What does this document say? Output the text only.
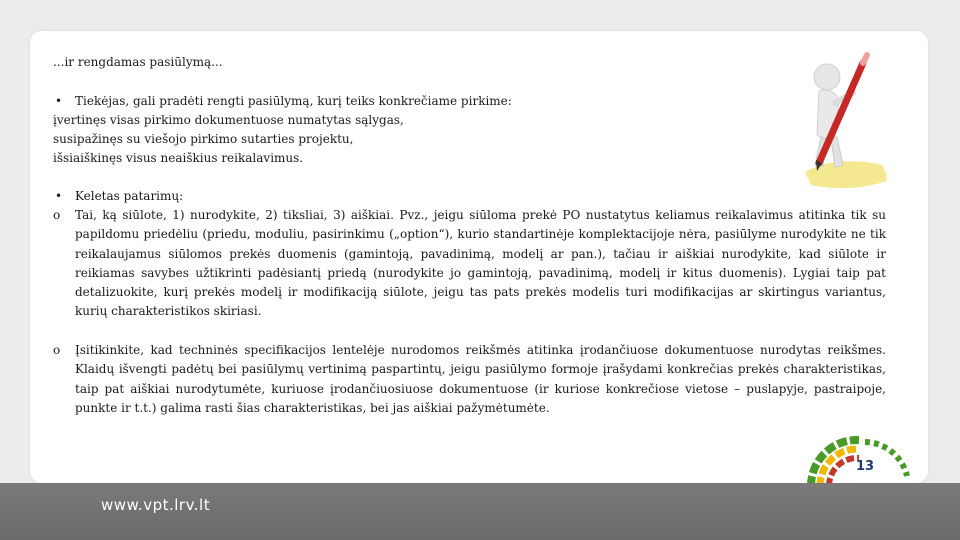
...ir rengdamas pasiūlymą...
• Tiekėjas, gali pradėti rengti pasiūlymą, kurį teiks konkrečiame pirkime:
įvertinęs visas pirkimo dokumentuose numatytas sąlygas,
susipažinęs su viešojo pirkimo sutarties projektu,
išsiaiškinęs visus neaiškius reikalavimus.
• Keletas patarimų:
o Tai, ką siūlote, 1) nurodykite, 2) tiksliai, 3) aiškiai. Pvz., jeigu siūloma prekė PO nustatytus keliamus reikalavimus atitinka tik su papildomu priedėliu (priedu, moduliu, pasirinkimu („option“), kurio standartinėje komplektacijoje nėra, pasiūlyme nurodykite ne tik reikalaujamus siūlomos prekės duomenis (gamintoją, pavadinimą, modelį ar pan.), tačiau ir aiškiai nurodykite, kad siūlote ir reikiamas savybes užtikrinti padėsiantį priedą (nurodykite jo gamintoją, pavadinimą, modelį ir kitus duomenis). Lygiai taip pat detalizuokite, kurį prekės modelį ir modifikaciją siūlote, jeigu tas pats prekės modelis turi modifikacijas ar skirtingus variantus, kurių charakteristikos skiriasi.
o Įsitikinkite, kad techninės specifikacijos lentelėje nurodomos reikšmės atitinka įrodančiuose dokumentuose nurodytas reikšmes. Klaidų išvengti padėtų bei pasiūlymų vertinimą paspartintų, jeigu pasiūlymo formoje įrašydami konkrečias prekės charakteristikas, taip pat aiškiai nurodytumėte, kuriuose įrodančiuosiuose dokumentuose (ir kuriose konkrečiose vietose – puslapyje, pastraipoje, punkte ir t.t.) galima rasti šias charakteristikas, bei jas aiškiai pažymėtumėte.
13
www.vpt.lrv.lt
